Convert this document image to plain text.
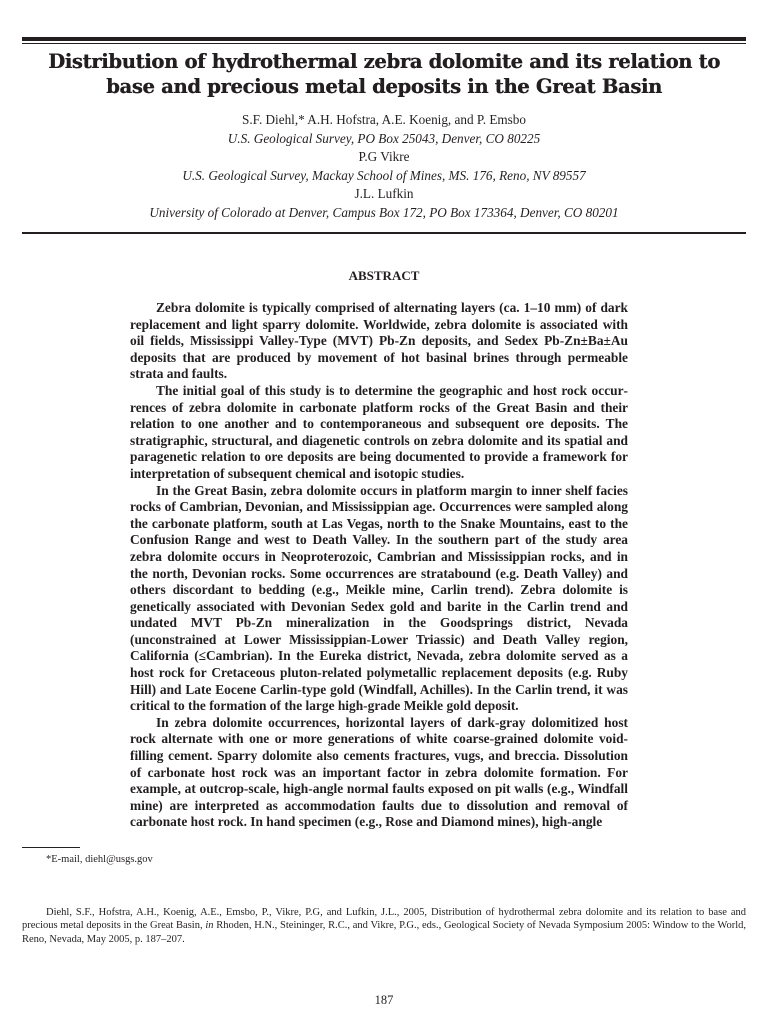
Distribution of hydrothermal zebra dolomite and its relation to
base and precious metal deposits in the Great Basin
S.F. Diehl,* A.H. Hofstra, A.E. Koenig, and P. Emsbo
U.S. Geological Survey, PO Box 25043, Denver, CO 80225
P.G Vikre
U.S. Geological Survey, Mackay School of Mines, MS. 176, Reno, NV 89557
J.L. Lufkin
University of Colorado at Denver, Campus Box 172, PO Box 173364, Denver, CO 80201
ABSTRACT

Zebra dolomite is typically comprised of alternating layers (ca. 1–10 mm) of dark replacement and light sparry dolomite. Worldwide, zebra dolomite is associated with oil fields, Mississippi Valley-Type (MVT) Pb-Zn deposits, and Sedex Pb-Zn±Ba±Au deposits that are produced by movement of hot basinal brines through permeable strata and faults.

The initial goal of this study is to determine the geographic and host rock occurrences of zebra dolomite in carbonate platform rocks of the Great Basin and their relation to one another and to contemporaneous and subsequent ore deposits. The stratigraphic, structural, and diagenetic controls on zebra dolomite and its spatial and paragenetic relation to ore deposits are being documented to provide a framework for interpretation of subsequent chemical and isotopic studies.

In the Great Basin, zebra dolomite occurs in platform margin to inner shelf facies rocks of Cambrian, Devonian, and Mississippian age. Occurrences were sampled along the carbonate platform, south at Las Vegas, north to the Snake Mountains, east to the Confusion Range and west to Death Valley. In the southern part of the study area zebra dolomite occurs in Neoproterozoic, Cambrian and Mississippian rocks, and in the north, Devonian rocks. Some occurrences are stratabound (e.g. Death Valley) and others discordant to bedding (e.g., Meikle mine, Carlin trend). Zebra dolomite is genetically associated with Devonian Sedex gold and barite in the Carlin trend and undated MVT Pb-Zn mineralization in the Goodsprings district, Nevada (unconstrained at Lower Mississippian-Lower Triassic) and Death Valley region, California (≤Cambrian). In the Eureka district, Nevada, zebra dolomite served as a host rock for Cretaceous pluton-related polymetallic replacement deposits (e.g. Ruby Hill) and Late Eocene Carlin-type gold (Windfall, Achilles). In the Carlin trend, it was critical to the formation of the large high-grade Meikle gold deposit.

In zebra dolomite occurrences, horizontal layers of dark-gray dolomitized host rock alternate with one or more generations of white coarse-grained dolomite void-filling cement. Sparry dolomite also cements fractures, vugs, and breccia. Dissolution of carbonate host rock was an important factor in zebra dolomite formation. For example, at outcrop-scale, high-angle normal faults exposed on pit walls (e.g., Windfall mine) are interpreted as accommodation faults due to dissolution and removal of carbonate host rock. In hand specimen (e.g., Rose and Diamond mines), high-angle

*E-mail, diehl@usgs.gov
Diehl, S.F., Hofstra, A.H., Koenig, A.E., Emsbo, P., Vikre, P.G, and Lufkin, J.L., 2005, Distribution of hydrothermal zebra dolomite and its relation to base and precious metal deposits in the Great Basin, in Rhoden, H.N., Steininger, R.C., and Vikre, P.G., eds., Geological Society of Nevada Symposium 2005: Window to the World, Reno, Nevada, May 2005, p. 187–207.
187
